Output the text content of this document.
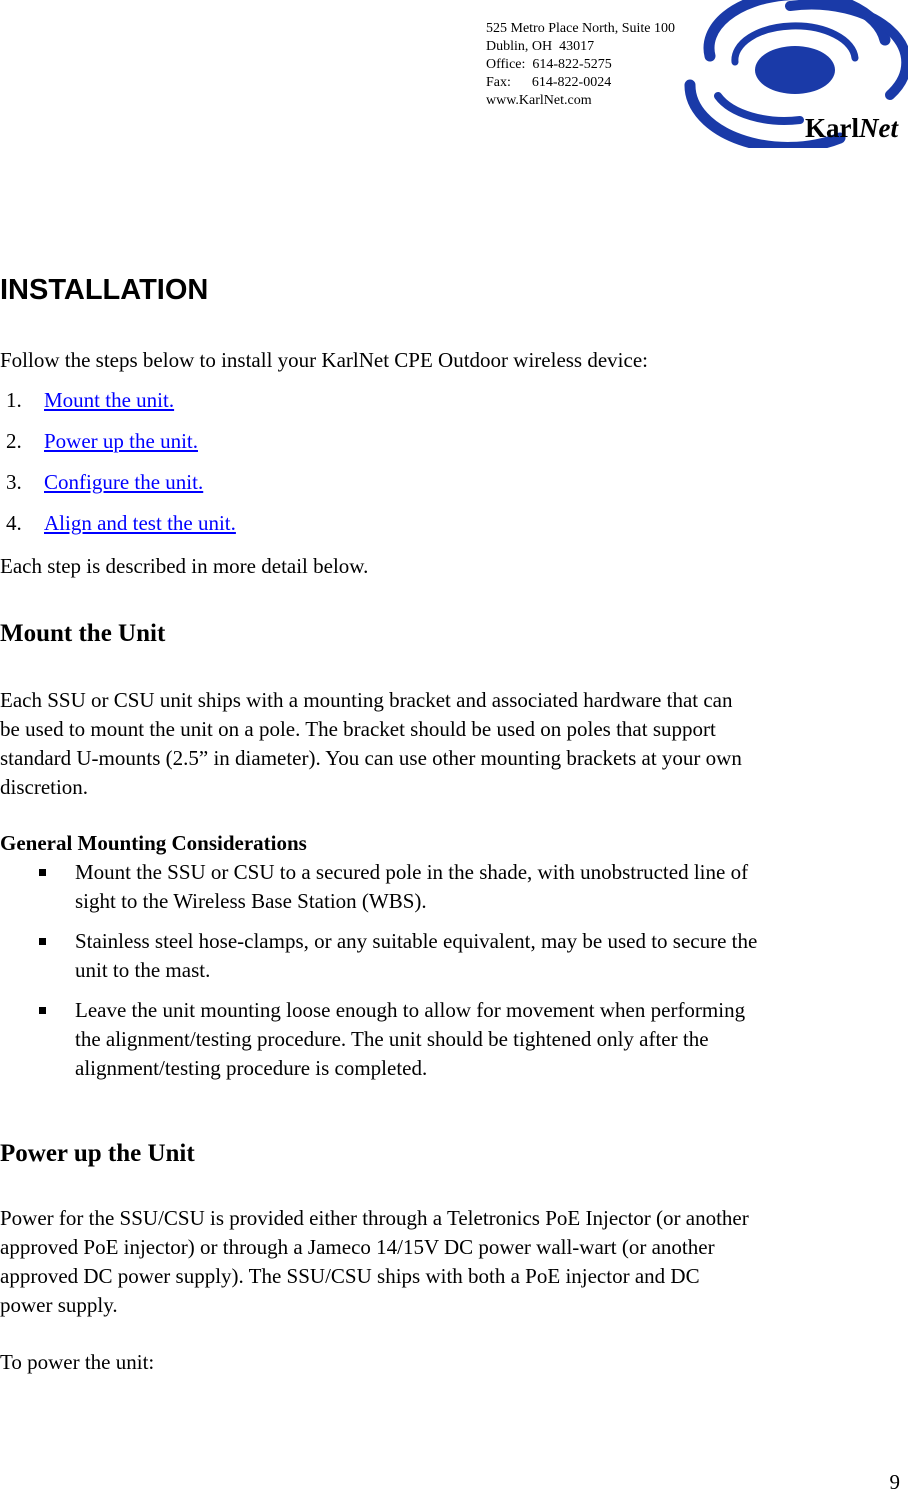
525 Metro Place North, Suite 100
Dublin, OH  43017
Office:  614-822-5275
Fax:      614-822-0024
www.KarlNet.com
KarlNet
INSTALLATION
Follow the steps below to install your KarlNet CPE Outdoor wireless device:
1. Mount the unit.
2. Power up the unit.
3. Configure the unit.
4. Align and test the unit.
Each step is described in more detail below.
Mount the Unit
Each SSU or CSU unit ships with a mounting bracket and associated hardware that can
be used to mount the unit on a pole. The bracket should be used on poles that support
standard U-mounts (2.5” in diameter). You can use other mounting brackets at your own
discretion.
General Mounting Considerations
Mount the SSU or CSU to a secured pole in the shade, with unobstructed line of
sight to the Wireless Base Station (WBS).
Stainless steel hose-clamps, or any suitable equivalent, may be used to secure the
unit to the mast.
Leave the unit mounting loose enough to allow for movement when performing
the alignment/testing procedure. The unit should be tightened only after the
alignment/testing procedure is completed.
Power up the Unit
Power for the SSU/CSU is provided either through a Teletronics PoE Injector (or another
approved PoE injector) or through a Jameco 14/15V DC power wall-wart (or another
approved DC power supply). The SSU/CSU ships with both a PoE injector and DC
power supply.
To power the unit:
9
